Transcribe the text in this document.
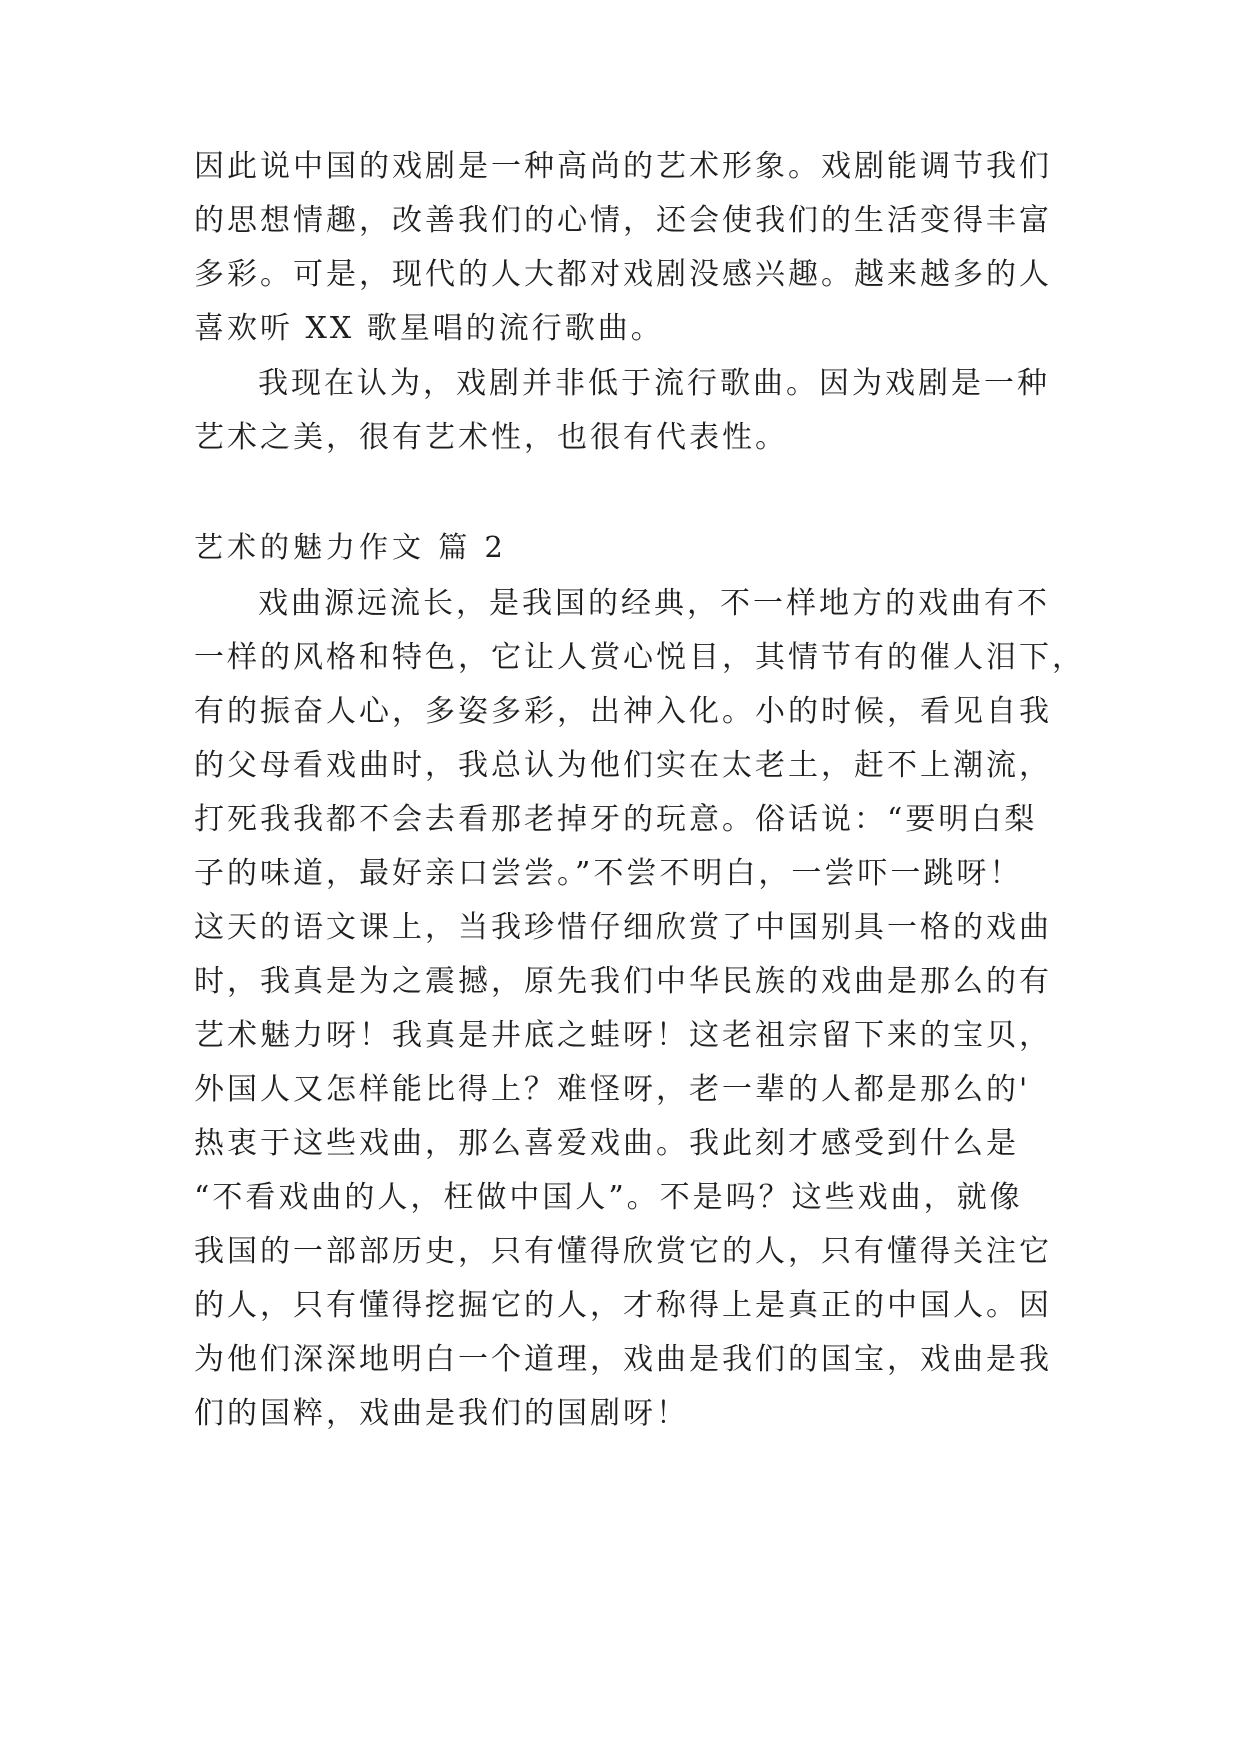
因此说中国的戏剧是一种高尚的艺术形象。戏剧能调节我们
的思想情趣，改善我们的心情，还会使我们的生活变得丰富
多彩。可是，现代的人大都对戏剧没感兴趣。越来越多的人
喜欢听 XX 歌星唱的流行歌曲。
我现在认为，戏剧并非低于流行歌曲。因为戏剧是一种
艺术之美，很有艺术性，也很有代表性。
艺术的魅力作文 篇 2
戏曲源远流长，是我国的经典，不一样地方的戏曲有不
一样的风格和特色，它让人赏心悦目，其情节有的催人泪下，
有的振奋人心，多姿多彩，出神入化。小的时候，看见自我
的父母看戏曲时，我总认为他们实在太老土，赶不上潮流，
打死我我都不会去看那老掉牙的玩意。俗话说：“要明白梨
子的味道，最好亲口尝尝。”不尝不明白，一尝吓一跳呀！
这天的语文课上，当我珍惜仔细欣赏了中国别具一格的戏曲
时，我真是为之震撼，原先我们中华民族的戏曲是那么的有
艺术魅力呀！我真是井底之蛙呀！这老祖宗留下来的宝贝，
外国人又怎样能比得上？难怪呀，老一辈的人都是那么的'
热衷于这些戏曲，那么喜爱戏曲。我此刻才感受到什么是
“不看戏曲的人，枉做中国人”。不是吗？这些戏曲，就像
我国的一部部历史，只有懂得欣赏它的人，只有懂得关注它
的人，只有懂得挖掘它的人，才称得上是真正的中国人。因
为他们深深地明白一个道理，戏曲是我们的国宝，戏曲是我
们的国粹，戏曲是我们的国剧呀！
